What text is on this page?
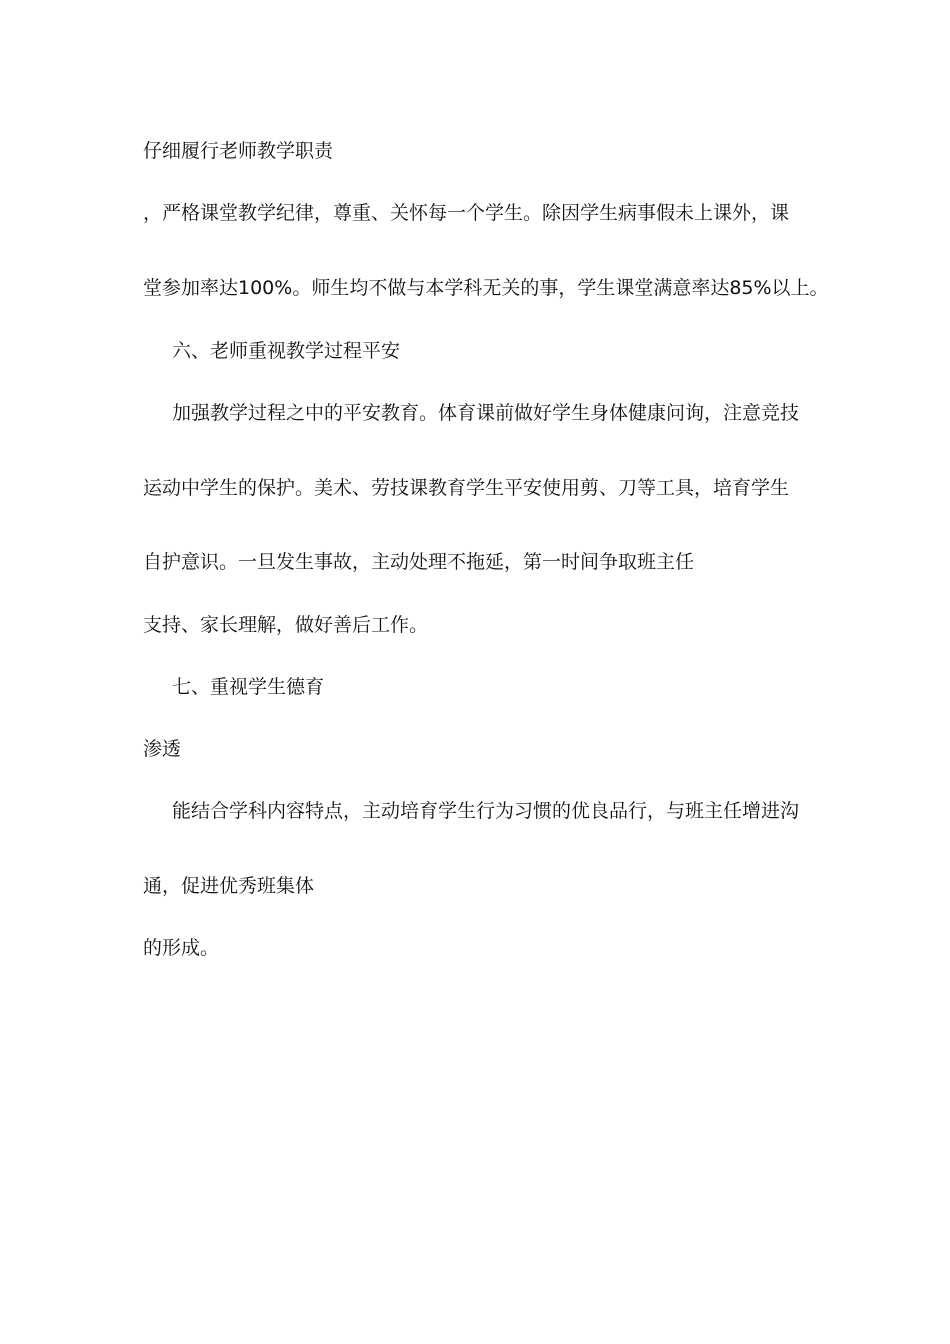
仔细履行老师教学职责
，严格课堂教学纪律，尊重、关怀每一个学生。除因学生病事假未上课外，课
堂参加率达100%。师生均不做与本学科无关的事，学生课堂满意率达85%以上。
六、老师重视教学过程平安
加强教学过程之中的平安教育。体育课前做好学生身体健康问询，注意竞技
运动中学生的保护。美术、劳技课教育学生平安使用剪、刀等工具，培育学生
自护意识。一旦发生事故，主动处理不拖延，第一时间争取班主任
支持、家长理解，做好善后工作。
七、重视学生德育
渗透
能结合学科内容特点，主动培育学生行为习惯的优良品行，与班主任增进沟
通，促进优秀班集体
的形成。
